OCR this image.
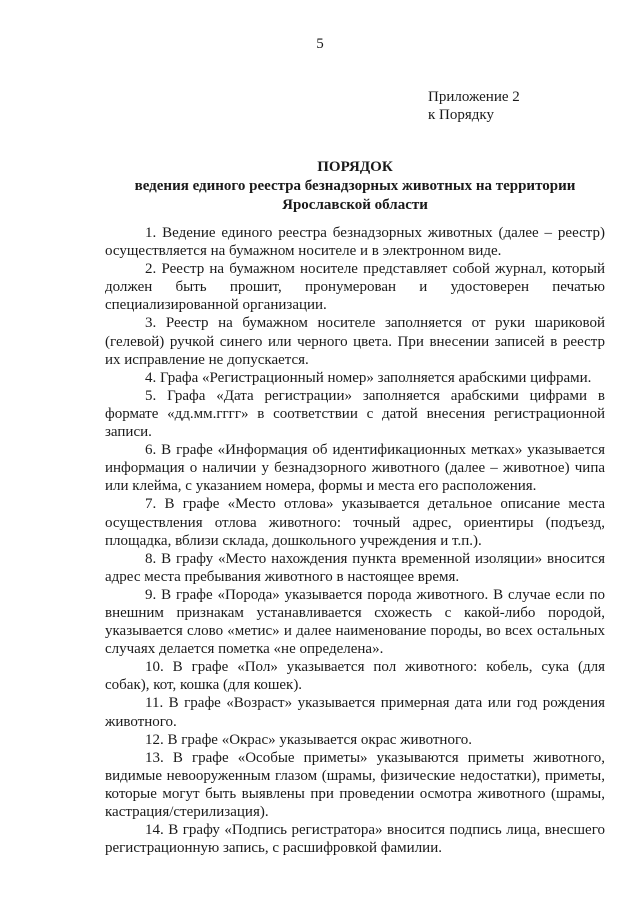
5
Приложение 2
к Порядку
ПОРЯДОК
ведения единого реестра безнадзорных животных на территории
Ярославской области

1. Ведение единого реестра безнадзорных животных (далее – реестр) осуществляется на бумажном носителе и в электронном виде.

2. Реестр на бумажном носителе представляет собой журнал, который должен быть прошит, пронумерован и удостоверен печатью специализированной организации.

3. Реестр на бумажном носителе заполняется от руки шариковой (гелевой) ручкой синего или черного цвета. При внесении записей в реестр их исправление не допускается.

4. Графа «Регистрационный номер» заполняется арабскими цифрами.

5. Графа «Дата регистрации» заполняется арабскими цифрами в формате «дд.мм.гггг» в соответствии с датой внесения регистрационной записи.

6. В графе «Информация об идентификационных метках» указывается информация о наличии у безнадзорного животного (далее – животное) чипа или клейма, с указанием номера, формы и места его расположения.

7. В графе «Место отлова» указывается детальное описание места осуществления отлова животного: точный адрес, ориентиры (подъезд, площадка, вблизи склада, дошкольного учреждения и т.п.).

8. В графу «Место нахождения пункта временной изоляции» вносится адрес места пребывания животного в настоящее время.

9. В графе «Порода» указывается порода животного. В случае если по внешним признакам устанавливается схожесть с какой-либо породой, указывается слово «метис» и далее наименование породы, во всех остальных случаях делается пометка «не определена».

10. В графе «Пол» указывается пол животного: кобель, сука (для собак), кот, кошка (для кошек).

11. В графе «Возраст» указывается примерная дата или год рождения животного.

12. В графе «Окрас» указывается окрас животного.

13. В графе «Особые приметы» указываются приметы животного, видимые невооруженным глазом (шрамы, физические недостатки), приметы, которые могут быть выявлены при проведении осмотра животного (шрамы, кастрация/стерилизация).

14. В графу «Подпись регистратора» вносится подпись лица, внесшего регистрационную запись, с расшифровкой фамилии.
